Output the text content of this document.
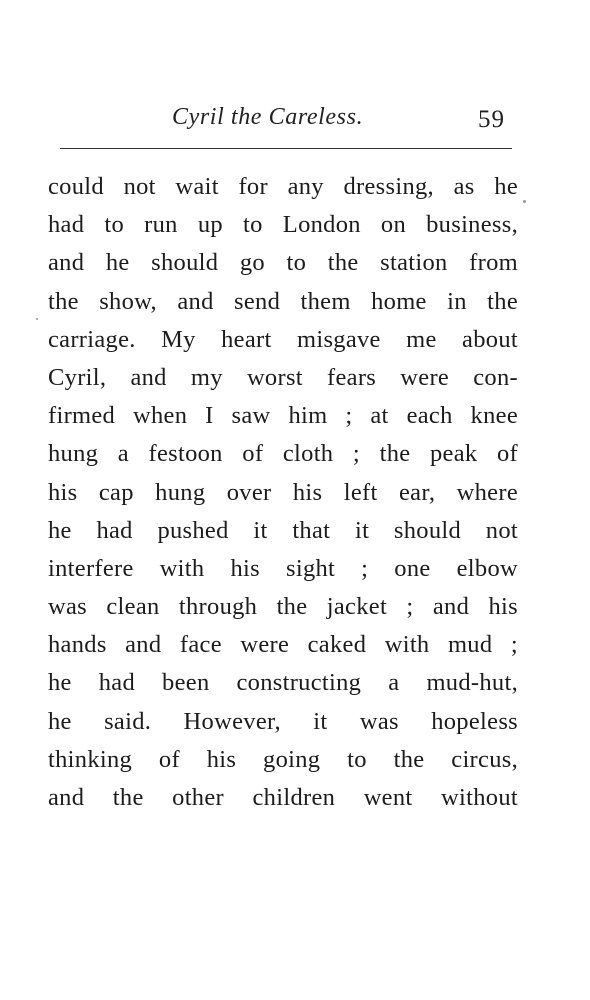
Cyril the Careless.	59
could not wait for any dressing, as he
had to run up to London on business,
and he should go to the station from
the show, and send them home in the
carriage. My heart misgave me about
Cyril, and my worst fears were con-
firmed when I saw him ; at each knee
hung a festoon of cloth ; the peak of
his cap hung over his left ear, where
he had pushed it that it should not
interfere with his sight ; one elbow
was clean through the jacket ; and his
hands and face were caked with mud ;
he had been constructing a mud-hut,
he said. However, it was hopeless
thinking of his going to the circus,
and the other children went without
